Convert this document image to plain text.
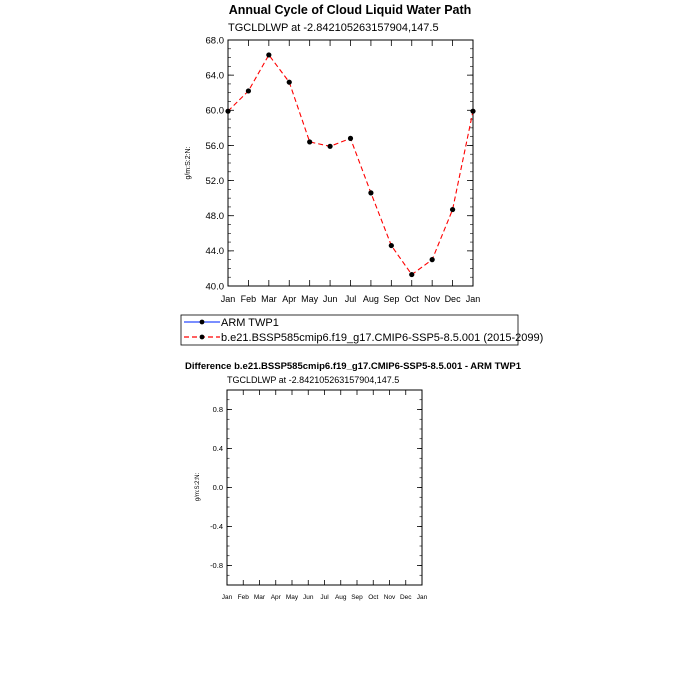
Annual Cycle of Cloud Liquid Water Path
TGCLDLWP at -2.842105263157904,147.5
g/m:S:2:N:
Jan Feb Mar Apr May Jun Jul Aug Sep Oct Nov Dec Jan
40.0
44.0
48.0
52.0
56.0
60.0
64.0
68.0
ARM TWP1
b.e21.BSSP585cmip6.f19_g17.CMIP6-SSP5-8.5.001 (2015-2099)
Difference b.e21.BSSP585cmip6.f19_g17.CMIP6-SSP5-8.5.001 - ARM TWP1
TGCLDLWP at -2.842105263157904,147.5
g/m:S:2:N:
Jan Feb Mar Apr May Jun Jul Aug Sep Oct Nov Dec Jan
-0.8
-0.4
0.0
0.4
0.8
